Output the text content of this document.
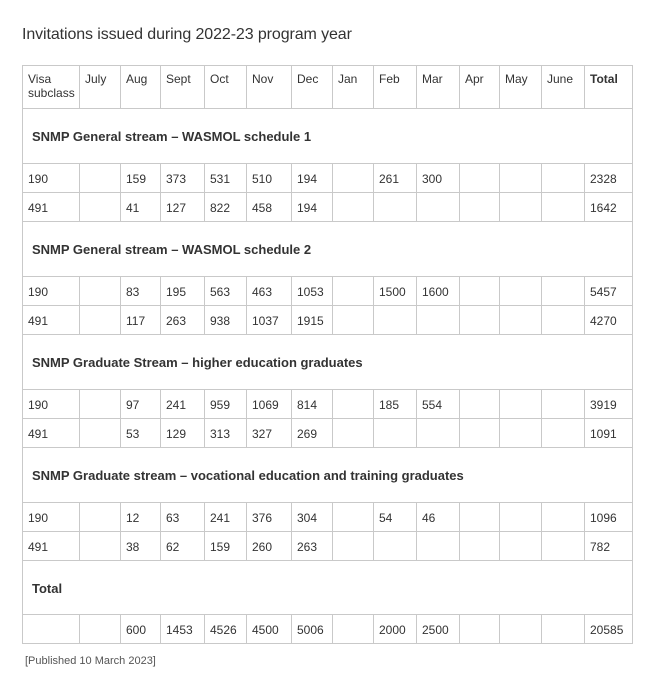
Invitations issued during 2022-23 program year
Visa subclass	July	Aug	Sept	Oct	Nov	Dec	Jan	Feb	Mar	Apr	May	June	Total
SNMP General stream – WASMOL schedule 1													
190		159	373	531	510	194		261	300				2328
491		41	127	822	458	194							1642
SNMP General stream – WASMOL schedule 2													
190		83	195	563	463	1053		1500	1600				5457
491		117	263	938	1037	1915							4270
SNMP Graduate Stream – higher education graduates													
190		97	241	959	1069	814		185	554				3919
491		53	129	313	327	269							1091
SNMP Graduate stream – vocational education and training graduates													
190		12	63	241	376	304		54	46				1096
491		38	62	159	260	263							782
Total													
		600	1453	4526	4500	5006		2000	2500				20585
[Published 10 March 2023]
